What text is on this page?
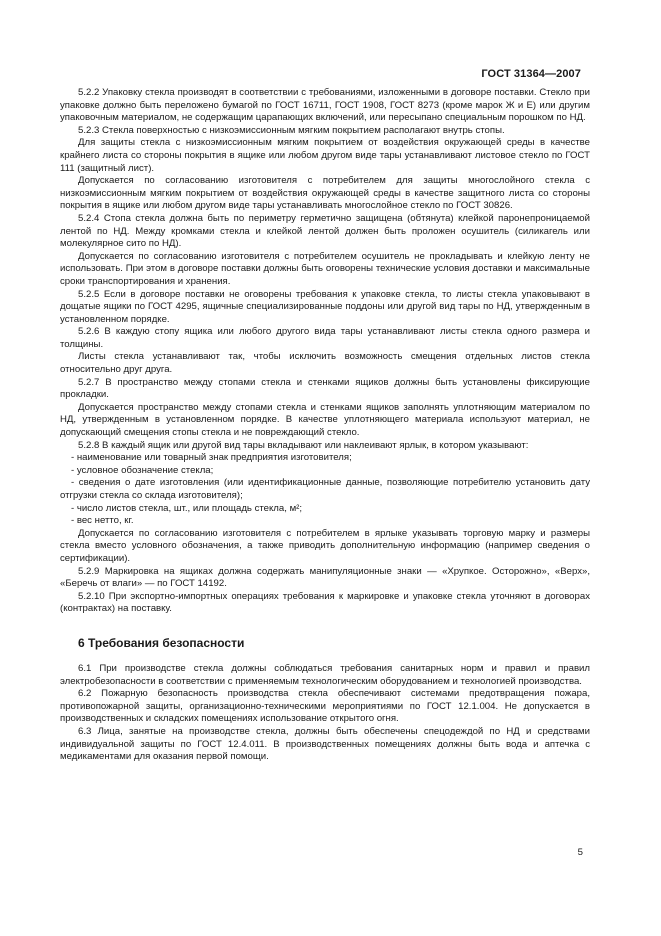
ГОСТ 31364—2007

5.2.2 Упаковку стекла производят в соответствии с требованиями, изложенными в договоре поставки. Стекло при упаковке должно быть переложено бумагой по ГОСТ 16711, ГОСТ 1908, ГОСТ 8273 (кроме марок Ж и Е) или другим упаковочным материалом, не содержащим царапающих включений, или пересыпано специальным порошком по НД.

5.2.3 Стекла поверхностью с низкоэмиссионным мягким покрытием располагают внутрь стопы.

Для защиты стекла с низкоэмиссионным мягким покрытием от воздействия окружающей среды в качестве крайнего листа со стороны покрытия в ящике или любом другом виде тары устанавливают листовое стекло по ГОСТ 111 (защитный лист).

Допускается по согласованию изготовителя с потребителем для защиты многослойного стекла с низкоэмиссионным мягким покрытием от воздействия окружающей среды в качестве защитного листа со стороны покрытия в ящике или любом другом виде тары устанавливать многослойное стекло по ГОСТ 30826.

5.2.4 Стопа стекла должна быть по периметру герметично защищена (обтянута) клейкой паронепроницаемой лентой по НД. Между кромками стекла и клейкой лентой должен быть проложен осушитель (силикагель или молекулярное сито по НД).

Допускается по согласованию изготовителя с потребителем осушитель не прокладывать и клейкую ленту не использовать. При этом в договоре поставки должны быть оговорены технические условия доставки и максимальные сроки транспортирования и хранения.

5.2.5 Если в договоре поставки не оговорены требования к упаковке стекла, то листы стекла упаковывают в дощатые ящики по ГОСТ 4295, ящичные специализированные поддоны или другой вид тары по НД, утвержденным в установленном порядке.

5.2.6 В каждую стопу ящика или любого другого вида тары устанавливают листы стекла одного размера и толщины.

Листы стекла устанавливают так, чтобы исключить возможность смещения отдельных листов стекла относительно друг друга.

5.2.7 В пространство между стопами стекла и стенками ящиков должны быть установлены фиксирующие прокладки.

Допускается пространство между стопами стекла и стенками ящиков заполнять уплотняющим материалом по НД, утвержденным в установленном порядке. В качестве уплотняющего материала используют материал, не допускающий смещения стопы стекла и не повреждающий стекло.

5.2.8 В каждый ящик или другой вид тары вкладывают или наклеивают ярлык, в котором указывают:

- наименование или товарный знак предприятия изготовителя;

- условное обозначение стекла;

- сведения о дате изготовления (или идентификационные данные, позволяющие потребителю установить дату отгрузки стекла со склада изготовителя);

- число листов стекла, шт., или площадь стекла, м²;

- вес нетто, кг.

Допускается по согласованию изготовителя с потребителем в ярлыке указывать торговую марку и размеры стекла вместо условного обозначения, а также приводить дополнительную информацию (например сведения о сертификации).

5.2.9 Маркировка на ящиках должна содержать манипуляционные знаки — «Хрупкое. Осторожно», «Верх», «Беречь от влаги» — по ГОСТ 14192.

5.2.10 При экспортно-импортных операциях требования к маркировке и упаковке стекла уточняют в договорах (контрактах) на поставку.

6 Требования безопасности

6.1 При производстве стекла должны соблюдаться требования санитарных норм и правил и правил электробезопасности в соответствии с применяемым технологическим оборудованием и технологией производства.

6.2 Пожарную безопасность производства стекла обеспечивают системами предотвращения пожара, противопожарной защиты, организационно-техническими мероприятиями по ГОСТ 12.1.004. Не допускается в производственных и складских помещениях использование открытого огня.

6.3 Лица, занятые на производстве стекла, должны быть обеспечены спецодеждой по НД и средствами индивидуальной защиты по ГОСТ 12.4.011. В производственных помещениях должны быть вода и аптечка с медикаментами для оказания первой помощи.

5
